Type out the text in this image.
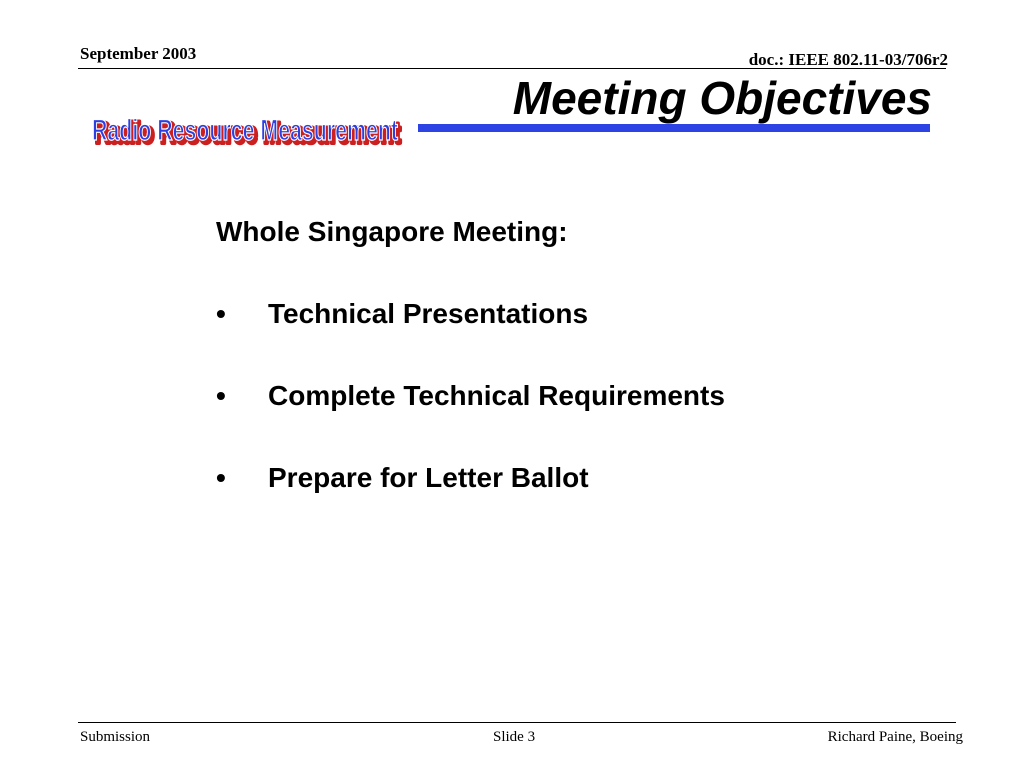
September 2003	doc.: IEEE 802.11-03/706r2
Radio Resource Measurement
Radio Resource Measurement
Meeting Objectives

Whole Singapore Meeting:

•	Technical Presentations
•	Complete Technical Requirements
•	Prepare for Letter Ballot
Submission	Slide 3	Richard Paine, Boeing
